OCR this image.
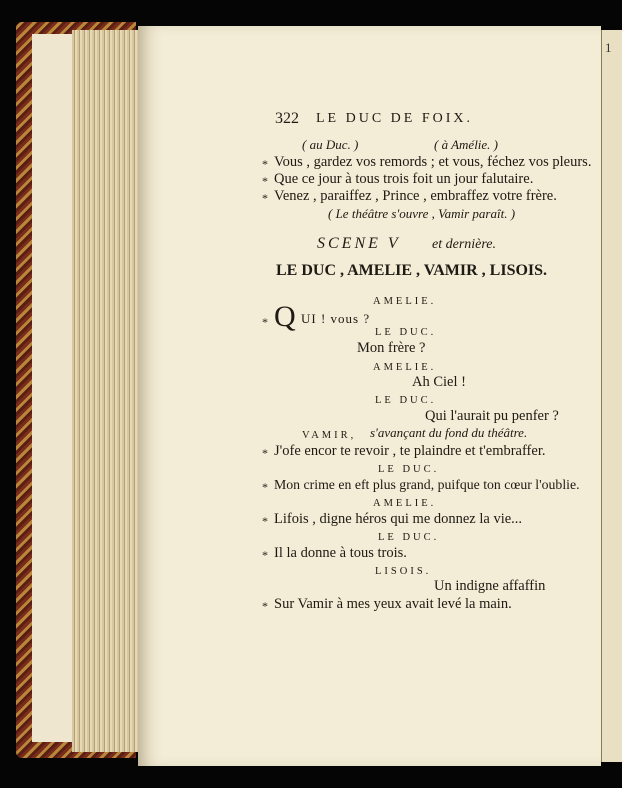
1
322 LE DUC DE FOIX.
( au Duc. )	( à Amélie. )
* Vous , gardez vos remords ; et vous, féchez vos pleurs.
* Que ce jour à tous trois foit un jour falutaire.
* Venez , paraiffez , Prince , embraffez votre frère.
( Le théâtre s'ouvre , Vamir paraît. )
SCENE V et dernière.
LE DUC , AMELIE , VAMIR , LISOIS.
AMELIE.
* Q UI ! vous ?
LE DUC.
Mon frère ?
AMELIE.
Ah Ciel !
LE DUC.
Qui l'aurait pu penfer ?
VAMIR, s'avançant du fond du théâtre.
* J'ofe encor te revoir , te plaindre et t'embraffer.
LE DUC.
* Mon crime en eft plus grand, puifque ton cœur l'oublie.
AMELIE.
* Lifois , digne héros qui me donnez la vie...
LE DUC.
* Il la donne à tous trois.
LISOIS.
Un indigne affaffin
* Sur Vamir à mes yeux avait levé la main.
